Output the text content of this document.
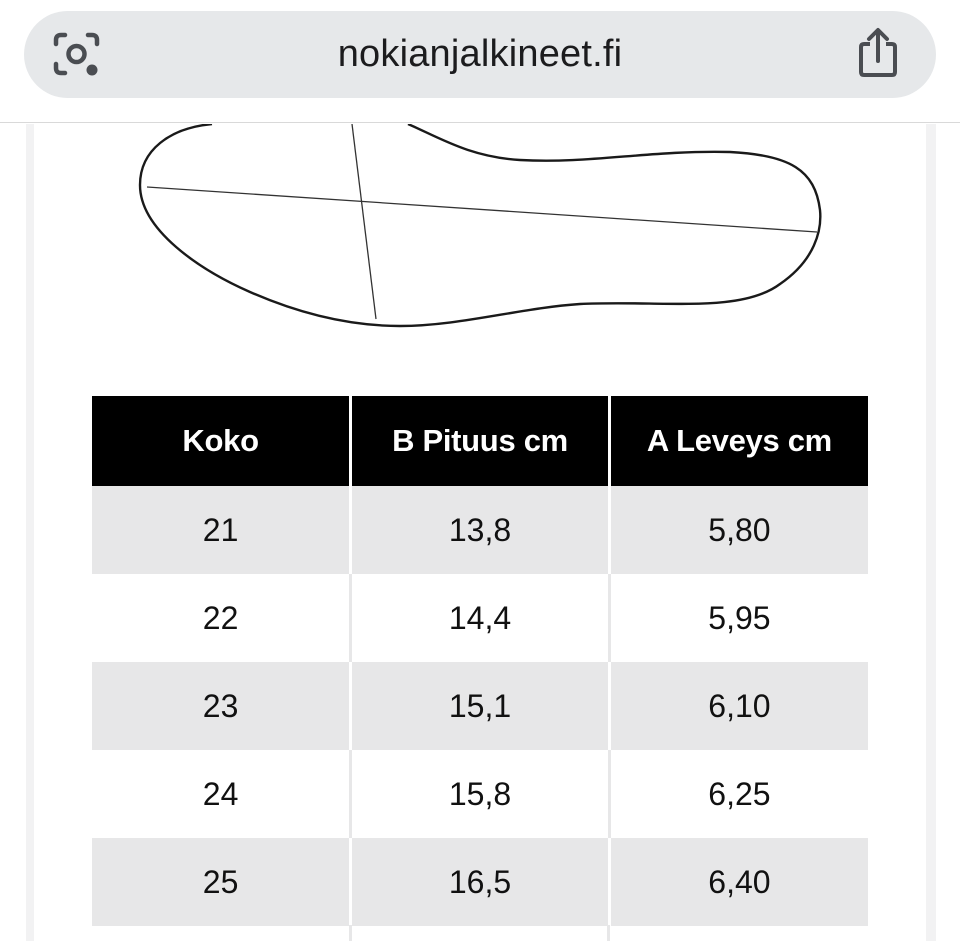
nokianjalkineet.fi
Koko	B Pituus cm	A Leveys cm
21	13,8	5,80
22	14,4	5,95
23	15,1	6,10
24	15,8	6,25
25	16,5	6,40
